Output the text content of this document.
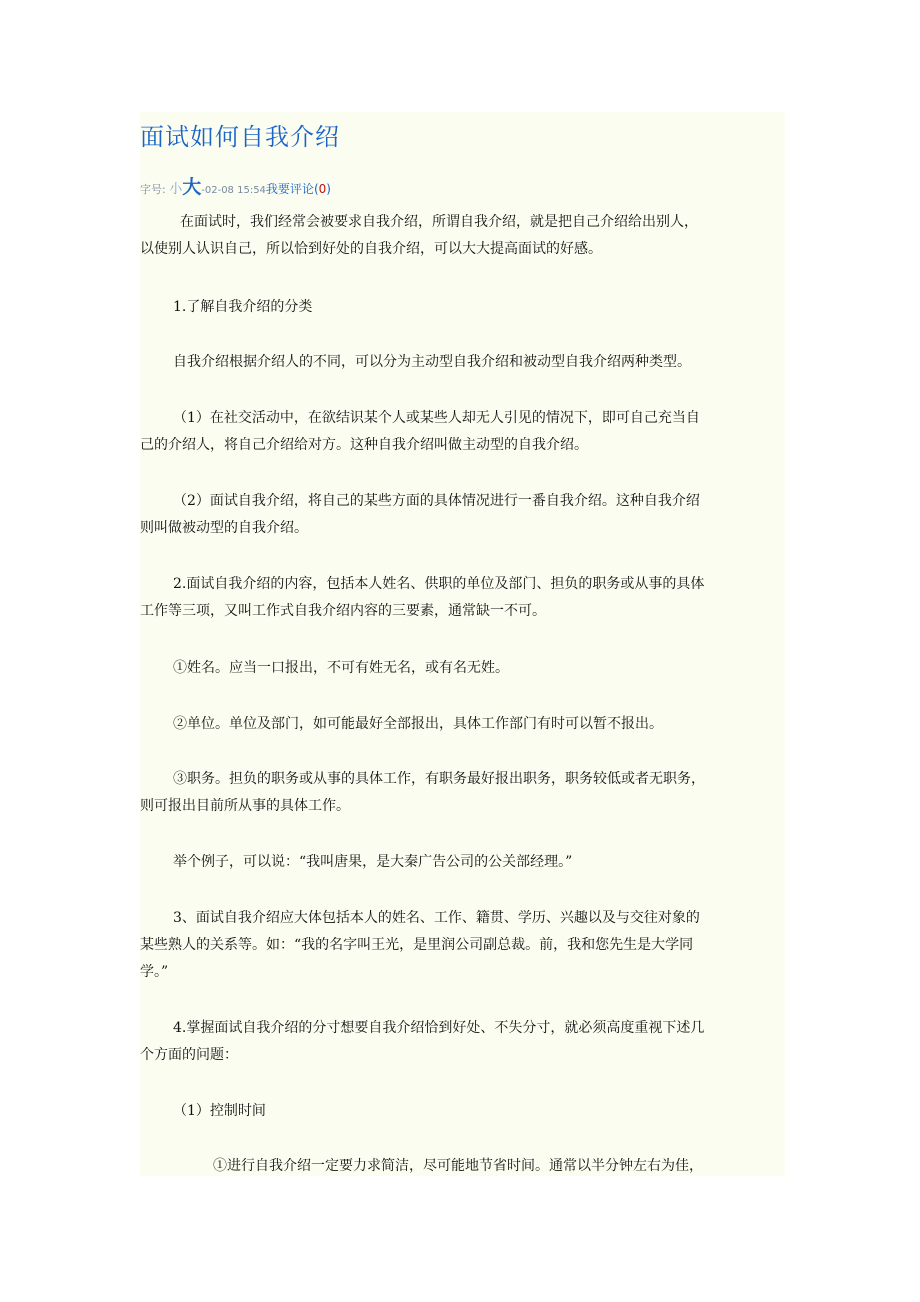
面试如何自我介绍
字号: 小大-02-08 15:54我要评论(0)
在面试时，我们经常会被要求自我介绍，所谓自我介绍，就是把自己介绍给出别人，
以使别人认识自己，所以恰到好处的自我介绍，可以大大提高面试的好感。
1.了解自我介绍的分类
自我介绍根据介绍人的不同，可以分为主动型自我介绍和被动型自我介绍两种类型。
（1）在社交活动中，在欲结识某个人或某些人却无人引见的情况下，即可自己充当自
己的介绍人，将自己介绍给对方。这种自我介绍叫做主动型的自我介绍。
（2）面试自我介绍，将自己的某些方面的具体情况进行一番自我介绍。这种自我介绍
则叫做被动型的自我介绍。
2.面试自我介绍的内容，包括本人姓名、供职的单位及部门、担负的职务或从事的具体
工作等三项，又叫工作式自我介绍内容的三要素，通常缺一不可。
①姓名。应当一口报出，不可有姓无名，或有名无姓。
②单位。单位及部门，如可能最好全部报出，具体工作部门有时可以暂不报出。
③职务。担负的职务或从事的具体工作，有职务最好报出职务，职务较低或者无职务，
则可报出目前所从事的具体工作。
举个例子，可以说：“我叫唐果，是大秦广告公司的公关部经理。”
3、面试自我介绍应大体包括本人的姓名、工作、籍贯、学历、兴趣以及与交往对象的
某些熟人的关系等。如：“我的名字叫王光，是里润公司副总裁。前，我和您先生是大学同
学。”
4.掌握面试自我介绍的分寸想要自我介绍恰到好处、不失分寸，就必须高度重视下述几
个方面的问题：
（1）控制时间
①进行自我介绍一定要力求简洁，尽可能地节省时间。通常以半分钟左右为佳，
